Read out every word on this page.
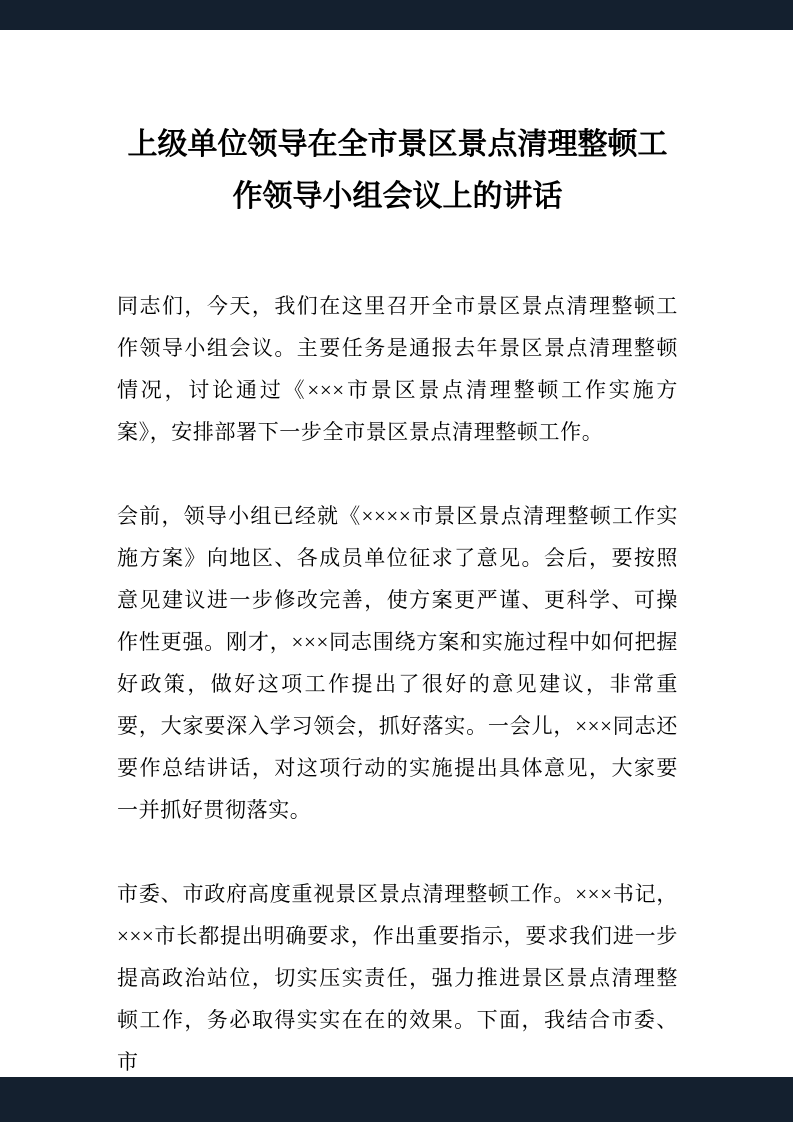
上级单位领导在全市景区景点清理整顿工作领导小组会议上的讲话

同志们，今天，我们在这里召开全市景区景点清理整顿工作领导小组会议。主要任务是通报去年景区景点清理整顿情况，讨论通过《×××市景区景点清理整顿工作实施方案》，安排部署下一步全市景区景点清理整顿工作。

会前，领导小组已经就《××××市景区景点清理整顿工作实施方案》向地区、各成员单位征求了意见。会后，要按照意见建议进一步修改完善，使方案更严谨、更科学、可操作性更强。刚才，×××同志围绕方案和实施过程中如何把握好政策，做好这项工作提出了很好的意见建议，非常重要，大家要深入学习领会，抓好落实。一会儿，×××同志还要作总结讲话，对这项行动的实施提出具体意见，大家要一并抓好贯彻落实。

市委、市政府高度重视景区景点清理整顿工作。×××书记，×××市长都提出明确要求，作出重要指示，要求我们进一步提高政治站位，切实压实责任，强力推进景区景点清理整顿工作，务必取得实实在在的效果。下面，我结合市委、市
